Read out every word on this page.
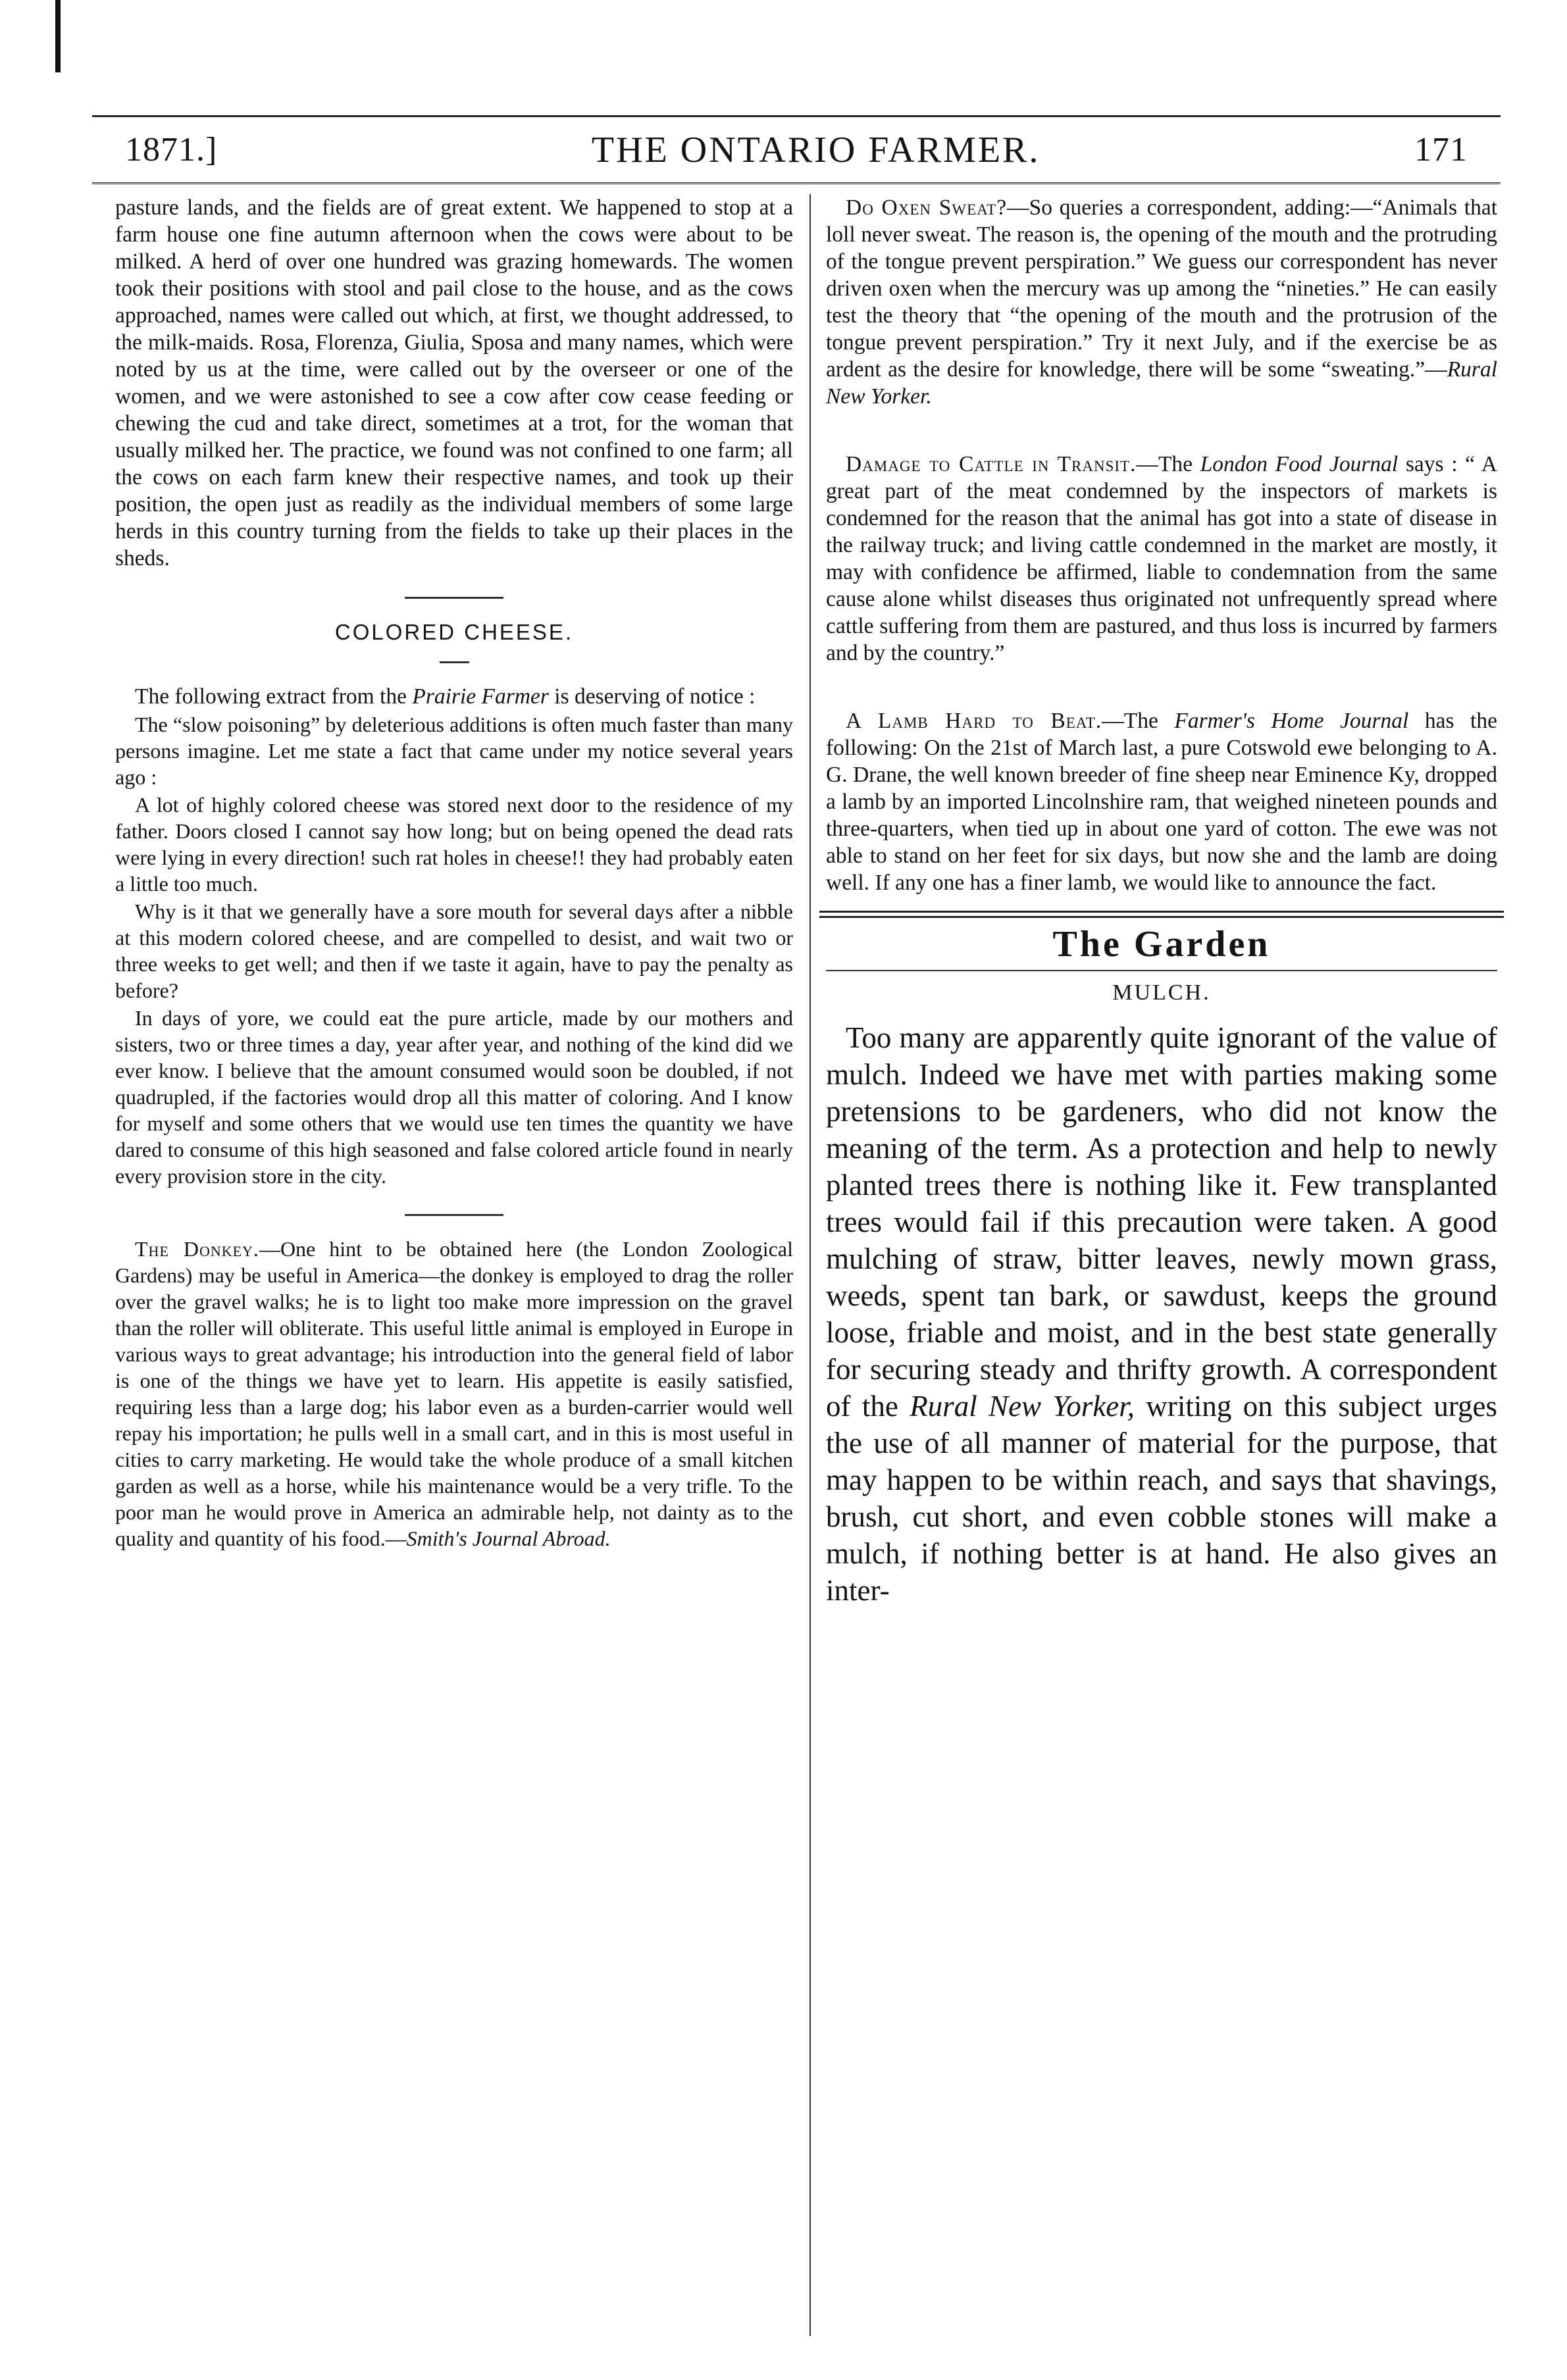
1871.]	THE ONTARIO FARMER.	171

pasture lands, and the fields are of great extent. We happened to stop at a farm house one fine autumn afternoon when the cows were about to be milked. A herd of over one hundred was grazing homewards. The women took their positions with stool and pail close to the house, and as the cows approached, names were called out which, at first, we thought addressed, to the milk-maids. Rosa, Florenza, Giulia, Sposa and many names, which were noted by us at the time, were called out by the overseer or one of the women, and we were astonished to see a cow after cow cease feeding or chewing the cud and take direct, sometimes at a trot, for the woman that usually milked her. The practice, we found was not confined to one farm; all the cows on each farm knew their respective names, and took up their position, the open just as readily as the individual members of some large herds in this country turning from the fields to take up their places in the sheds.

COLORED CHEESE.

The following extract from the Prairie Farmer is deserving of notice :

The “slow poisoning” by deleterious additions is often much faster than many persons imagine. Let me state a fact that came under my notice several years ago :

A lot of highly colored cheese was stored next door to the residence of my father. Doors closed I cannot say how long; but on being opened the dead rats were lying in every direction! such rat holes in cheese!! they had probably eaten a little too much.

Why is it that we generally have a sore mouth for several days after a nibble at this modern colored cheese, and are compelled to desist, and wait two or three weeks to get well; and then if we taste it again, have to pay the penalty as before?

In days of yore, we could eat the pure article, made by our mothers and sisters, two or three times a day, year after year, and nothing of the kind did we ever know. I believe that the amount consumed would soon be doubled, if not quadrupled, if the factories would drop all this matter of coloring. And I know for myself and some others that we would use ten times the quantity we have dared to consume of this high seasoned and false colored article found in nearly every provision store in the city.

The Donkey.—One hint to be obtained here (the London Zoological Gardens) may be useful in America—the donkey is employed to drag the roller over the gravel walks; he is to light too make more impression on the gravel than the roller will obliterate. This useful little animal is employed in Europe in various ways to great advantage; his introduction into the general field of labor is one of the things we have yet to learn. His appetite is easily satisfied, requiring less than a large dog; his labor even as a burden-carrier would well repay his importation; he pulls well in a small cart, and in this is most useful in cities to carry marketing. He would take the whole produce of a small kitchen garden as well as a horse, while his maintenance would be a very trifle. To the poor man he would prove in America an admirable help, not dainty as to the quality and quantity of his food.—Smith's Journal Abroad.

Do Oxen Sweat?—So queries a correspondent, adding:—“Animals that loll never sweat. The reason is, the opening of the mouth and the protruding of the tongue prevent perspiration.” We guess our correspondent has never driven oxen when the mercury was up among the “nineties.” He can easily test the theory that “the opening of the mouth and the protrusion of the tongue prevent perspiration.” Try it next July, and if the exercise be as ardent as the desire for knowledge, there will be some “sweating.”—Rural New Yorker.

Damage to Cattle in Transit.—The London Food Journal says : “ A great part of the meat condemned by the inspectors of markets is condemned for the reason that the animal has got into a state of disease in the railway truck; and living cattle condemned in the market are mostly, it may with confidence be affirmed, liable to condemnation from the same cause alone whilst diseases thus originated not unfrequently spread where cattle suffering from them are pastured, and thus loss is incurred by farmers and by the country.”

A Lamb Hard to Beat.—The Farmer's Home Journal has the following: On the 21st of March last, a pure Cotswold ewe belonging to A. G. Drane, the well known breeder of fine sheep near Eminence Ky, dropped a lamb by an imported Lincolnshire ram, that weighed nineteen pounds and three-quarters, when tied up in about one yard of cotton. The ewe was not able to stand on her feet for six days, but now she and the lamb are doing well. If any one has a finer lamb, we would like to announce the fact.

The Garden
MULCH.

Too many are apparently quite ignorant of the value of mulch. Indeed we have met with parties making some pretensions to be gardeners, who did not know the meaning of the term. As a protection and help to newly planted trees there is nothing like it. Few transplanted trees would fail if this precaution were taken. A good mulching of straw, bitter leaves, newly mown grass, weeds, spent tan bark, or sawdust, keeps the ground loose, friable and moist, and in the best state generally for securing steady and thrifty growth. A correspondent of the Rural New Yorker, writing on this subject urges the use of all manner of material for the purpose, that may happen to be within reach, and says that shavings, brush, cut short, and even cobble stones will make a mulch, if nothing better is at hand. He also gives an inter-
